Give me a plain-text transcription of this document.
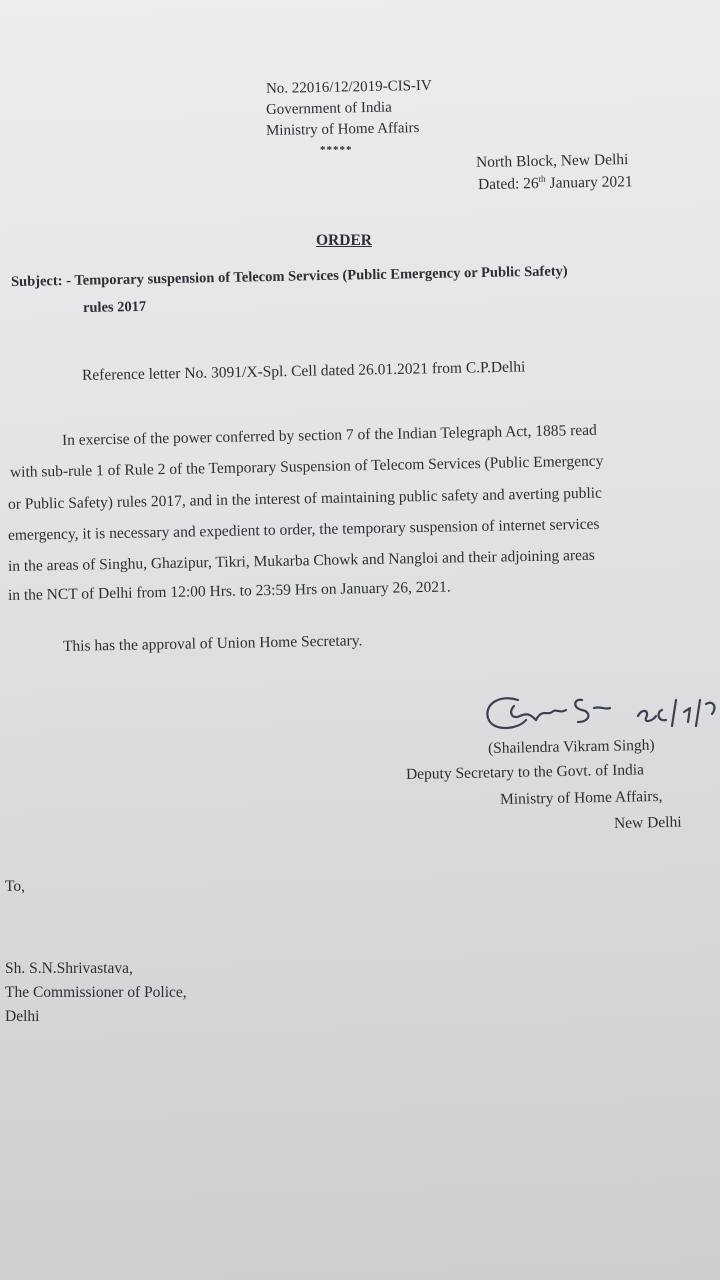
No. 22016/12/2019-CIS-IV
Government of India
Ministry of Home Affairs
*****
North Block, New Delhi
Dated: 26th January 2021
ORDER
Subject: - Temporary suspension of Telecom Services (Public Emergency or Public Safety)
rules 2017
Reference letter No. 3091/X-Spl. Cell dated 26.01.2021 from C.P.Delhi
In exercise of the power conferred by section 7 of the Indian Telegraph Act, 1885 read
with sub-rule 1 of Rule 2 of the Temporary Suspension of Telecom Services (Public Emergency
or Public Safety) rules 2017, and in the interest of maintaining public safety and averting public
emergency, it is necessary and expedient to order, the temporary suspension of internet services
in the areas of Singhu, Ghazipur, Tikri, Mukarba Chowk and Nangloi and their adjoining areas
in the NCT of Delhi from 12:00 Hrs. to 23:59 Hrs on January 26, 2021.
This has the approval of Union Home Secretary.
26|1|21
(Shailendra Vikram Singh)
Deputy Secretary to the Govt. of India
Ministry of Home Affairs,
New Delhi
To,
Sh. S.N.Shrivastava,
The Commissioner of Police,
Delhi
